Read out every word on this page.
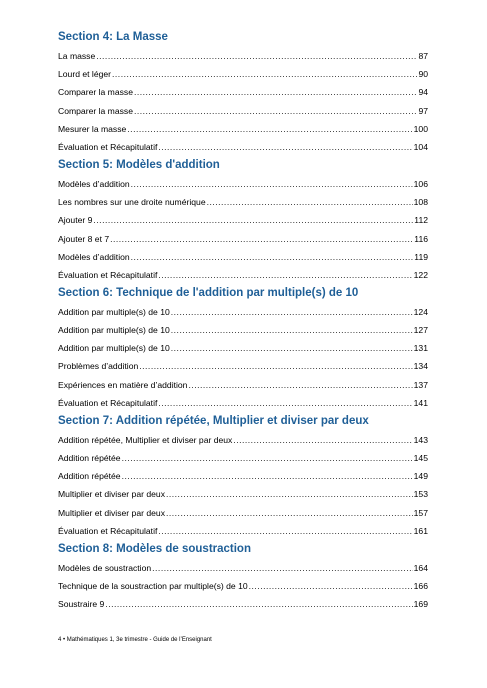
Section 4: La Masse
La masse .....	87
Lourd et léger .....	90
Comparer la masse .....	94
Comparer la masse .....	97
Mesurer la masse .....	100
Évaluation et Récapitulatif .....	104
Section 5: Modèles d'addition
Modèles d’addition .....	106
Les nombres sur une droite numérique .....	108
Ajouter 9 .....	112
Ajouter 8 et 7 .....	116
Modèles d’addition .....	119
Évaluation et Récapitulatif .....	122
Section 6: Technique de l'addition par multiple(s) de 10
Addition par multiple(s) de 10 .....	124
Addition par multiple(s) de 10 .....	127
Addition par multiple(s) de 10 .....	131
Problèmes d’addition .....	134
Expériences en matière d’addition .....	137
Évaluation et Récapitulatif .....	141
Section 7: Addition répétée, Multiplier et diviser par deux
Addition répétée, Multiplier et diviser par deux .....	143
Addition répétée .....	145
Addition répétée .....	149
Multiplier et diviser par deux .....	153
Multiplier et diviser par deux .....	157
Évaluation et Récapitulatif .....	161
Section 8: Modèles de soustraction
Modèles de soustraction .....	164
Technique de la soustraction par multiple(s) de 10 .....	166
Soustraire 9 .....	169
4 • Mathématiques 1, 3e trimestre - Guide de l’Enseignant
